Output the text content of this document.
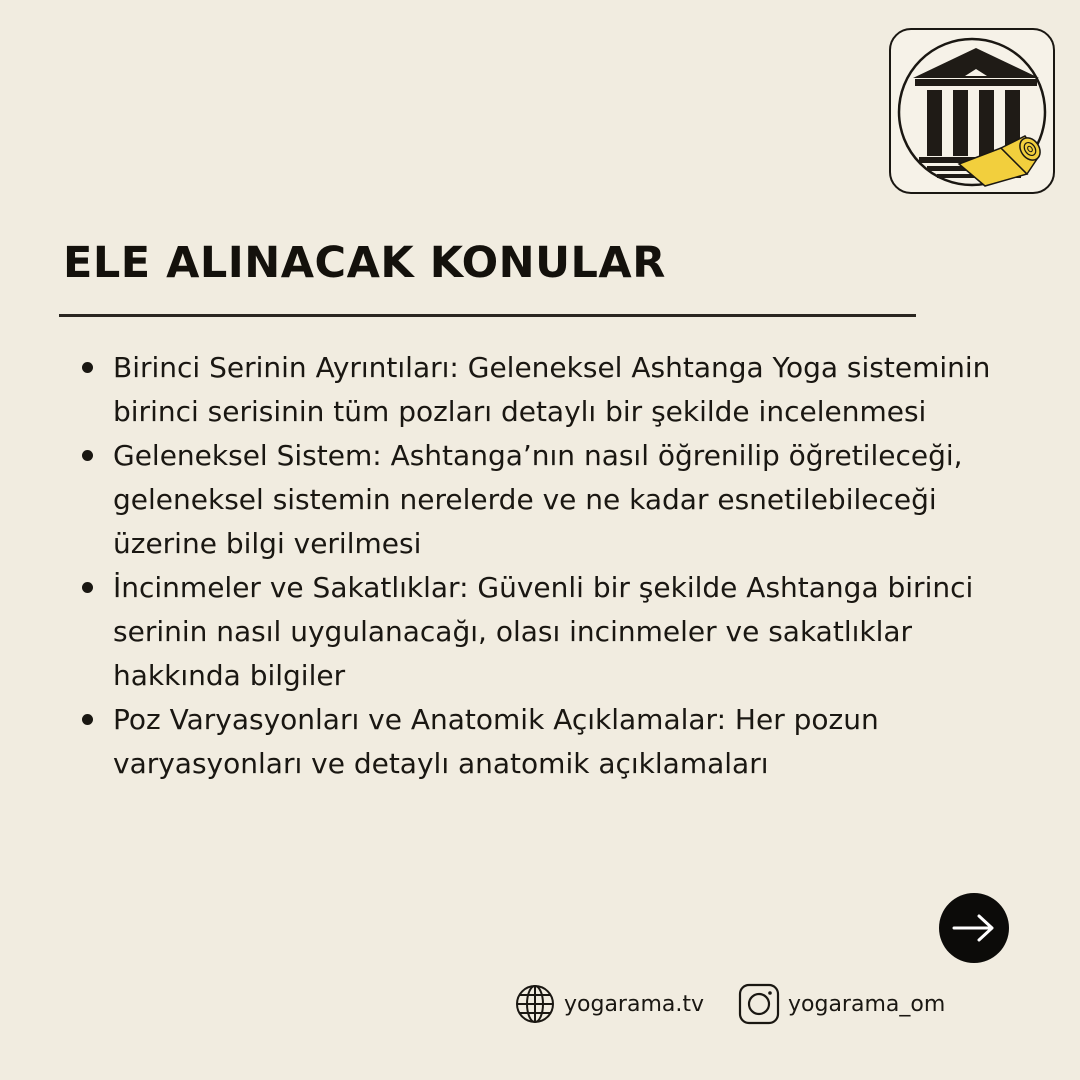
ELE ALINACAK KONULAR
Birinci Serinin Ayrıntıları: Geleneksel Ashtanga Yoga sisteminin birinci serisinin tüm pozları detaylı bir şekilde incelenmesi
Geleneksel Sistem: Ashtanga’nın nasıl öğrenilip öğretileceği, geleneksel sistemin nerelerde ve ne kadar esnetilebileceği üzerine bilgi verilmesi
İncinmeler ve Sakatlıklar: Güvenli bir şekilde Ashtanga birinci serinin nasıl uygulanacağı, olası incinmeler ve sakatlıklar hakkında bilgiler
Poz Varyasyonları ve Anatomik Açıklamalar: Her pozun varyasyonları ve detaylı anatomik açıklamaları
yogarama.tv	yogarama_om
